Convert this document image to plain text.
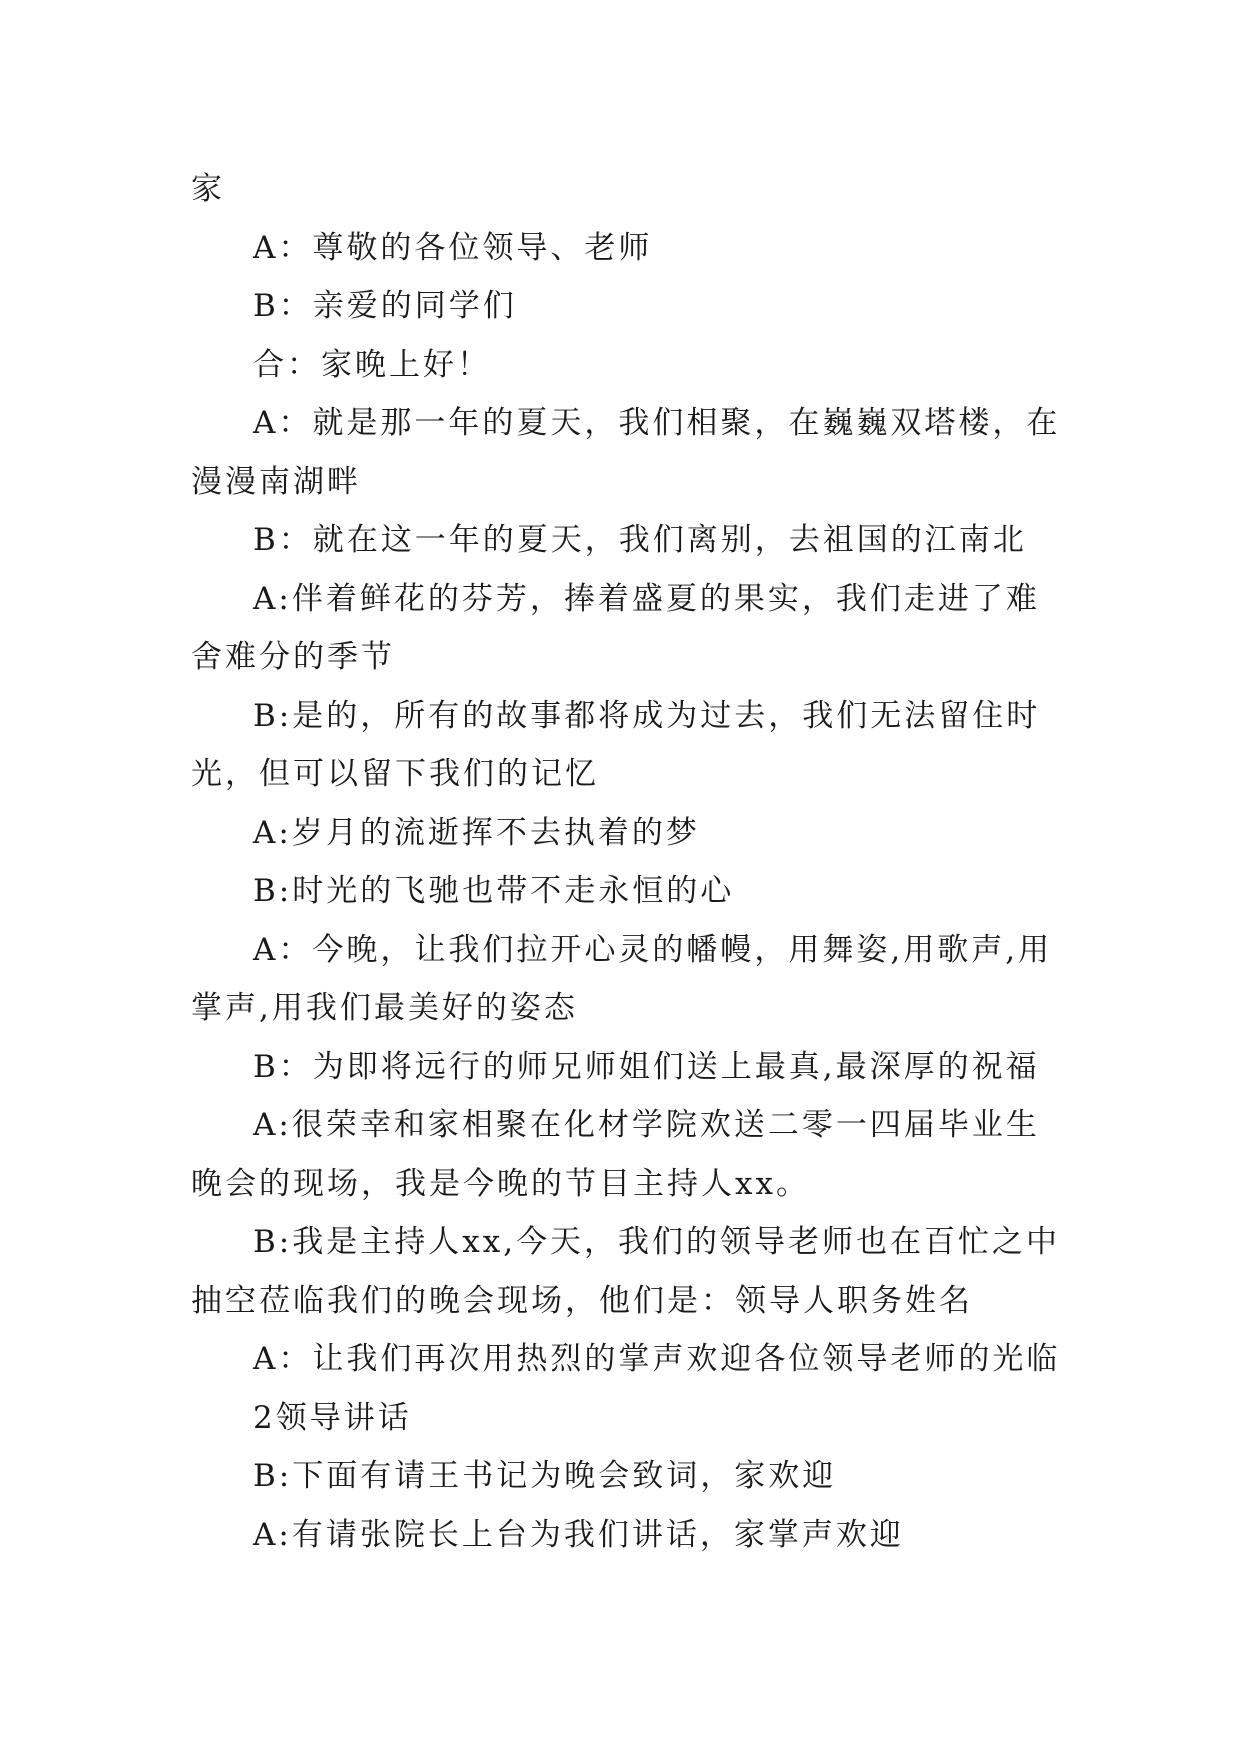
家

A：尊敬的各位领导、老师

B：亲爱的同学们

合：家晚上好！

A：就是那一年的夏天，我们相聚，在巍巍双塔楼，在漫漫南湖畔

B：就在这一年的夏天，我们离别，去祖国的江南北

A:伴着鲜花的芬芳，捧着盛夏的果实，我们走进了难舍难分的季节

B:是的，所有的故事都将成为过去，我们无法留住时光，但可以留下我们的记忆

A:岁月的流逝挥不去执着的梦

B:时光的飞驰也带不走永恒的心

A：今晚，让我们拉开心灵的幡幔，用舞姿,用歌声,用掌声,用我们最美好的姿态

B：为即将远行的师兄师姐们送上最真,最深厚的祝福

A:很荣幸和家相聚在化材学院欢送二零一四届毕业生晚会的现场，我是今晚的节目主持人xx。

B:我是主持人xx,今天，我们的领导老师也在百忙之中抽空莅临我们的晚会现场，他们是：领导人职务姓名

A：让我们再次用热烈的掌声欢迎各位领导老师的光临

2领导讲话

B:下面有请王书记为晚会致词，家欢迎

A:有请张院长上台为我们讲话，家掌声欢迎
